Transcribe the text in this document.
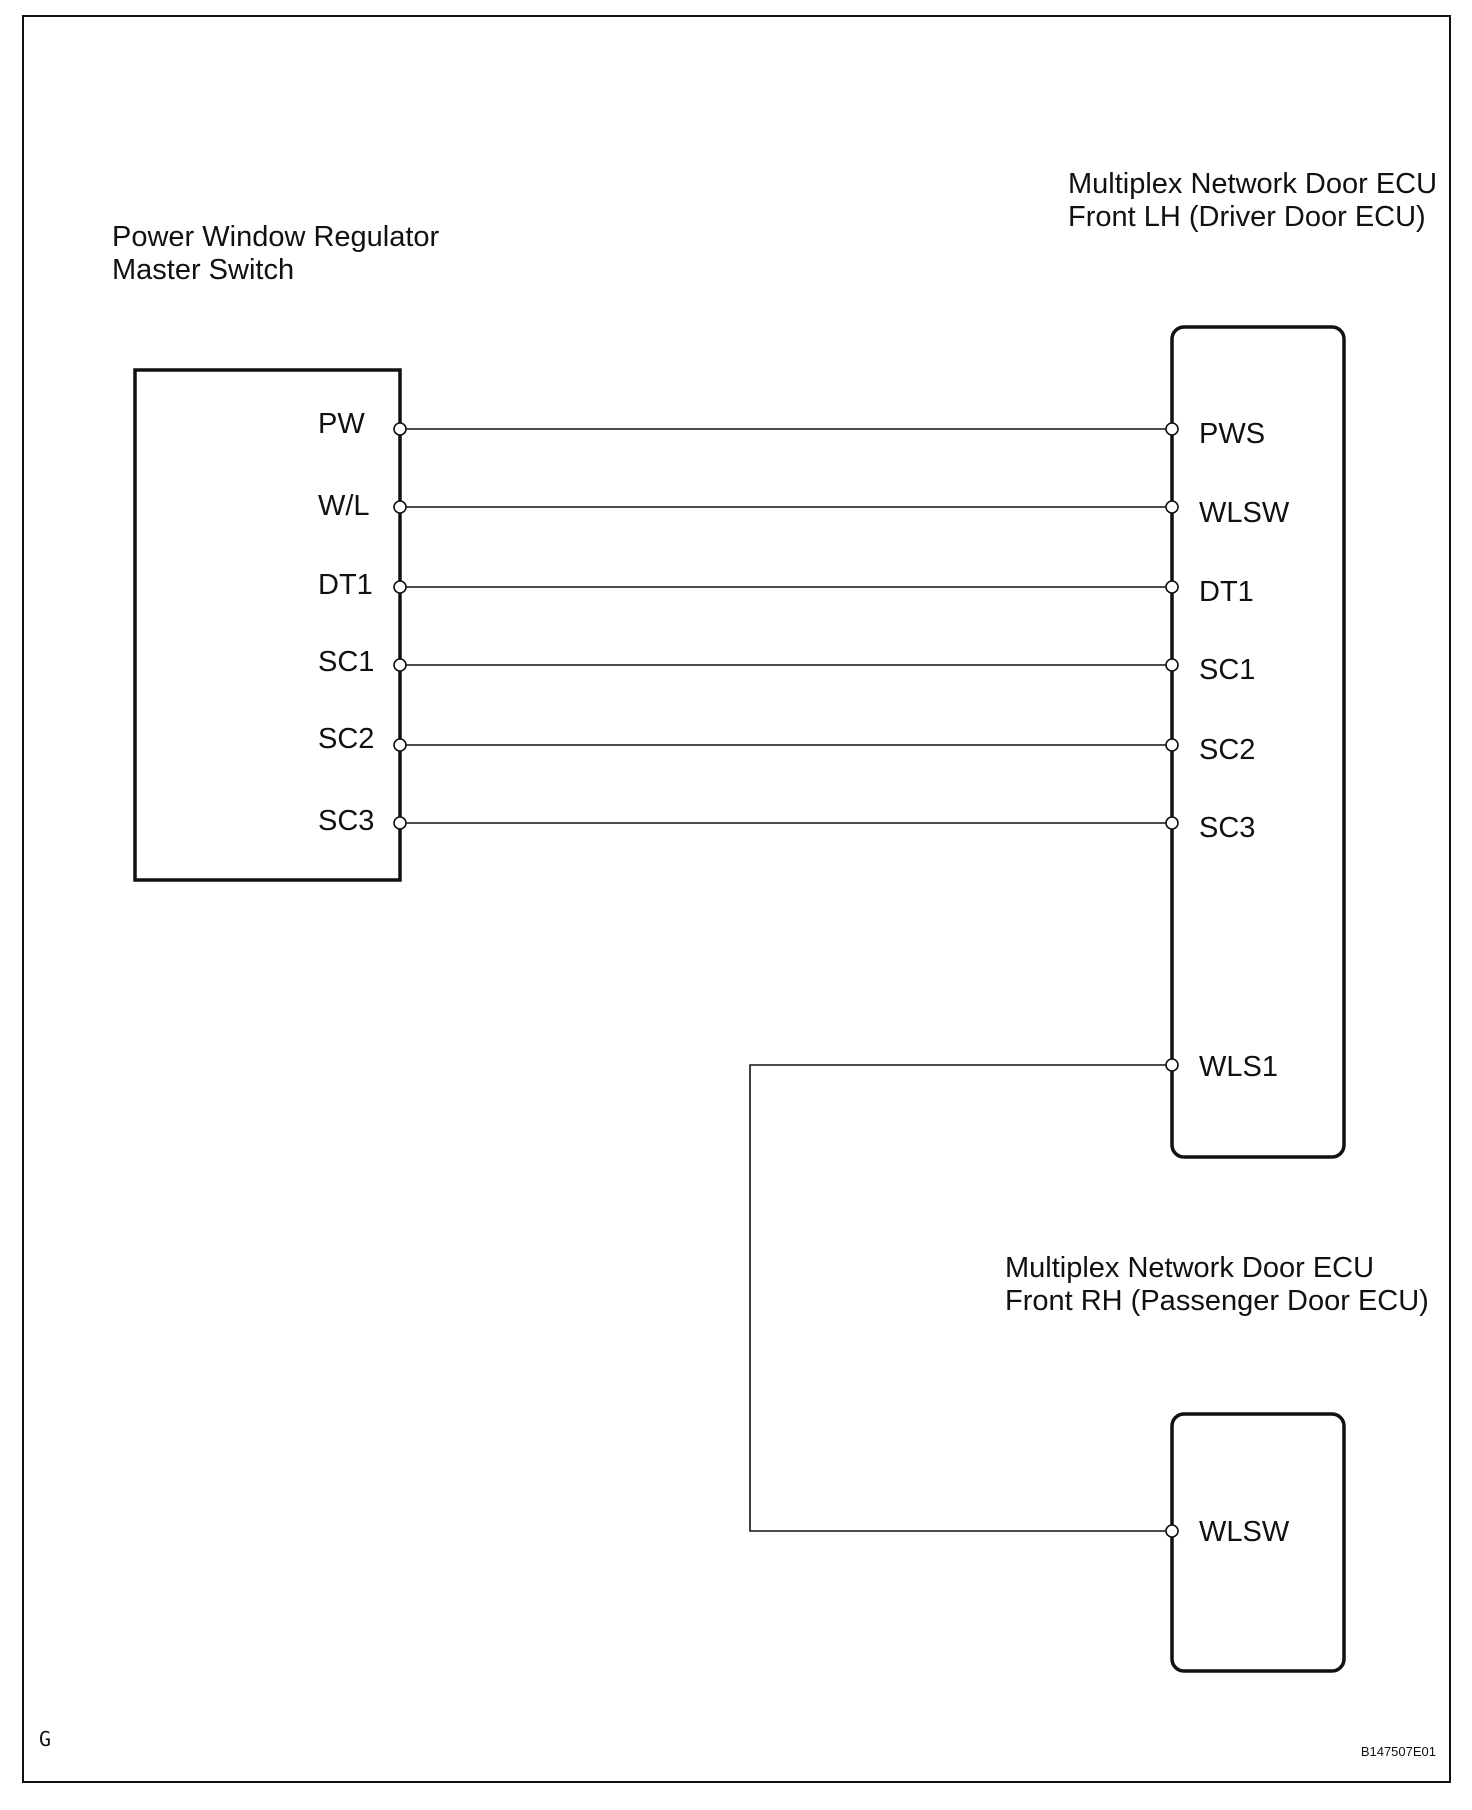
Power Window Regulator
Master Switch
Multiplex Network Door ECU
Front LH (Driver Door ECU)
Multiplex Network Door ECU
Front RH (Passenger Door ECU)
PW
W/L
DT1
SC1
SC2
SC3
PWS
WLSW
DT1
SC1
SC2
SC3
WLS1
WLSW
G
B147507E01
